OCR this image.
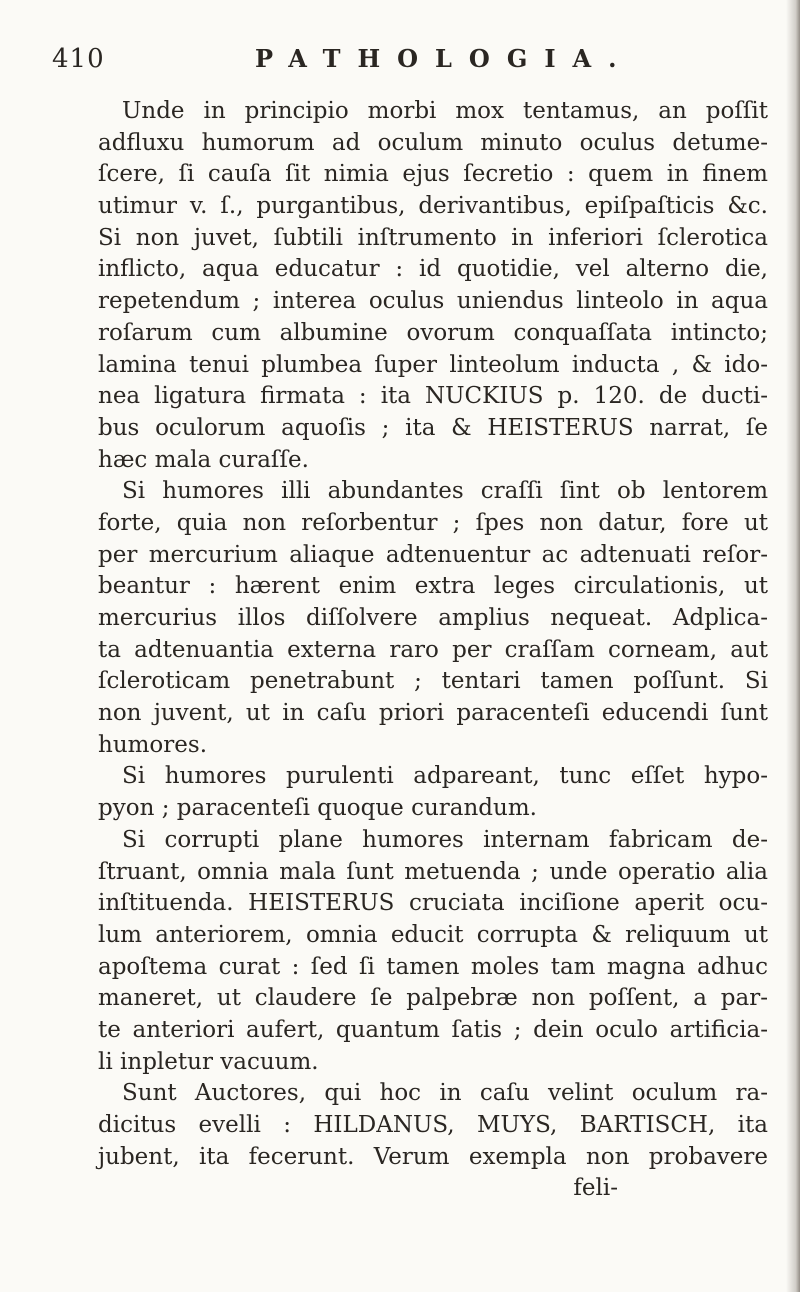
410	PATHOLOGIA.
Unde in principio morbi mox tentamus, an poſſit
adfluxu humorum ad oculum minuto oculus detume-
ſcere, ſi cauſa ſit nimia ejus ſecretio : quem in finem
utimur v. ſ., purgantibus, derivantibus, epiſpaſticis &c.
Si non juvet, ſubtili inſtrumento in inferiori ſclerotica
inflicto, aqua educatur : id quotidie, vel alterno die,
repetendum ; interea oculus uniendus linteolo in aqua
roſarum cum albumine ovorum conquaſſata intincto;
lamina tenui plumbea ſuper linteolum inducta , & ido-
nea ligatura firmata : ita NUCKIUS p. 120. de ducti-
bus oculorum aquoſis ; ita & HEISTERUS narrat, ſe
hæc mala curaſſe.
Si humores illi abundantes craſſi ſint ob lentorem
forte, quia non reſorbentur ; ſpes non datur, fore ut
per mercurium aliaque adtenuentur ac adtenuati reſor-
beantur : hærent enim extra leges circulationis, ut
mercurius illos diſſolvere amplius nequeat. Adplica-
ta adtenuantia externa raro per craſſam corneam, aut
ſcleroticam penetrabunt ; tentari tamen poſſunt. Si
non juvent, ut in caſu priori paracenteſi educendi ſunt
humores.
Si humores purulenti adpareant, tunc eſſet hypo-
pyon ; paracenteſi quoque curandum.
Si corrupti plane humores internam fabricam de-
ſtruant, omnia mala ſunt metuenda ; unde operatio alia
inſtituenda. HEISTERUS cruciata inciſione aperit ocu-
lum anteriorem, omnia educit corrupta & reliquum ut
apoſtema curat : ſed ſi tamen moles tam magna adhuc
maneret, ut claudere ſe palpebræ non poſſent, a par-
te anteriori aufert, quantum ſatis ; dein oculo artificia-
li inpletur vacuum.
Sunt Auctores, qui hoc in caſu velint oculum ra-
dicitus evelli : HILDANUS, MUYS, BARTISCH, ita
jubent, ita fecerunt. Verum exempla non probavere
feli-
